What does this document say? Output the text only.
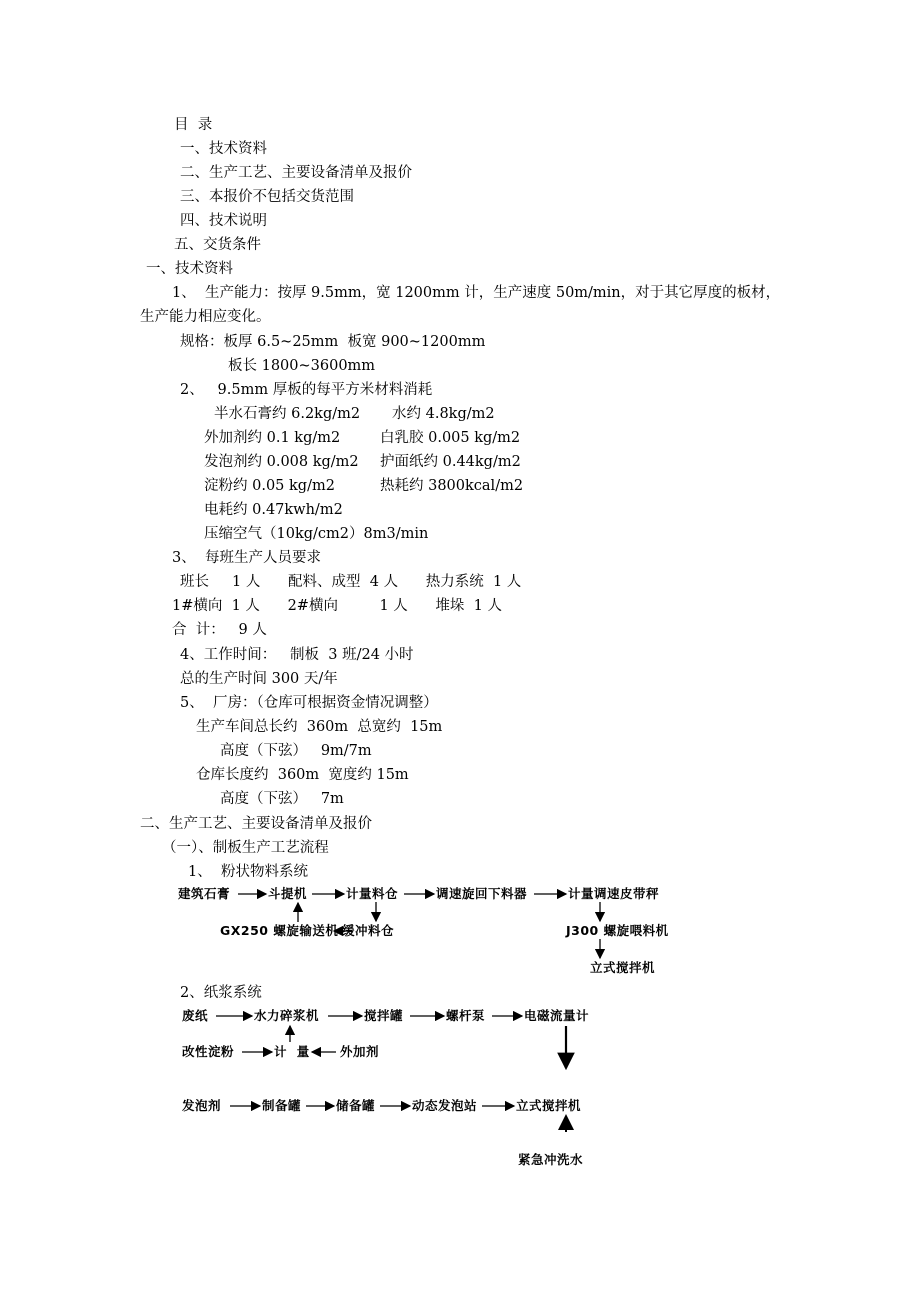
目  录
一、技术资料
二、生产工艺、主要设备清单及报价
三、本报价不包括交货范围
四、技术说明
五、交货条件
一、技术资料
1、  生产能力：按厚 9.5mm，宽 1200mm 计，生产速度 50m/min，对于其它厚度的板材，
生产能力相应变化。
规格：板厚 6.5~25mm  板宽 900~1200mm
板长 1800~3600mm
2、   9.5mm 厚板的每平方米材料消耗
半水石膏约 6.2kg/m2 水约 4.8kg/m2
外加剂约 0.1 kg/m2	白乳胶 0.005 kg/m2
发泡剂约 0.008 kg/m2 护面纸约 0.44kg/m2
淀粉约 0.05 kg/m2	热耗约 3800kcal/m2
电耗约 0.47kwh/m2
压缩空气（10kg/cm2）8m3/min
3、  每班生产人员要求
班长     1 人      配料、成型  4 人      热力系统  1 人
1#横向  1 人      2#横向         1 人      堆垛  1 人
合  计：   9 人
4、工作时间：   制板  3 班/24 小时
总的生产时间 300 天/年
5、  厂房：（仓库可根据资金情况调整）
生产车间总长约  360m  总宽约  15m
高度（下弦）   9m/7m
仓库长度约  360m  宽度约 15m
高度（下弦）   7m
二、生产工艺、主要设备清单及报价
（一）、制板生产工艺流程
1、  粉状物料系统
建筑石膏	斗提机	计量料仓	调速旋回下料器	计量调速皮带秤
GX250 螺旋输送机 缓冲料仓	J300 螺旋喂料机
立式搅拌机
2、纸浆系统
废纸	水力碎浆机	搅拌罐	螺杆泵	电磁流量计
改性淀粉	计  量 外加剂
发泡剂	制备罐	储备罐	动态发泡站	立式搅拌机
紧急冲洗水
